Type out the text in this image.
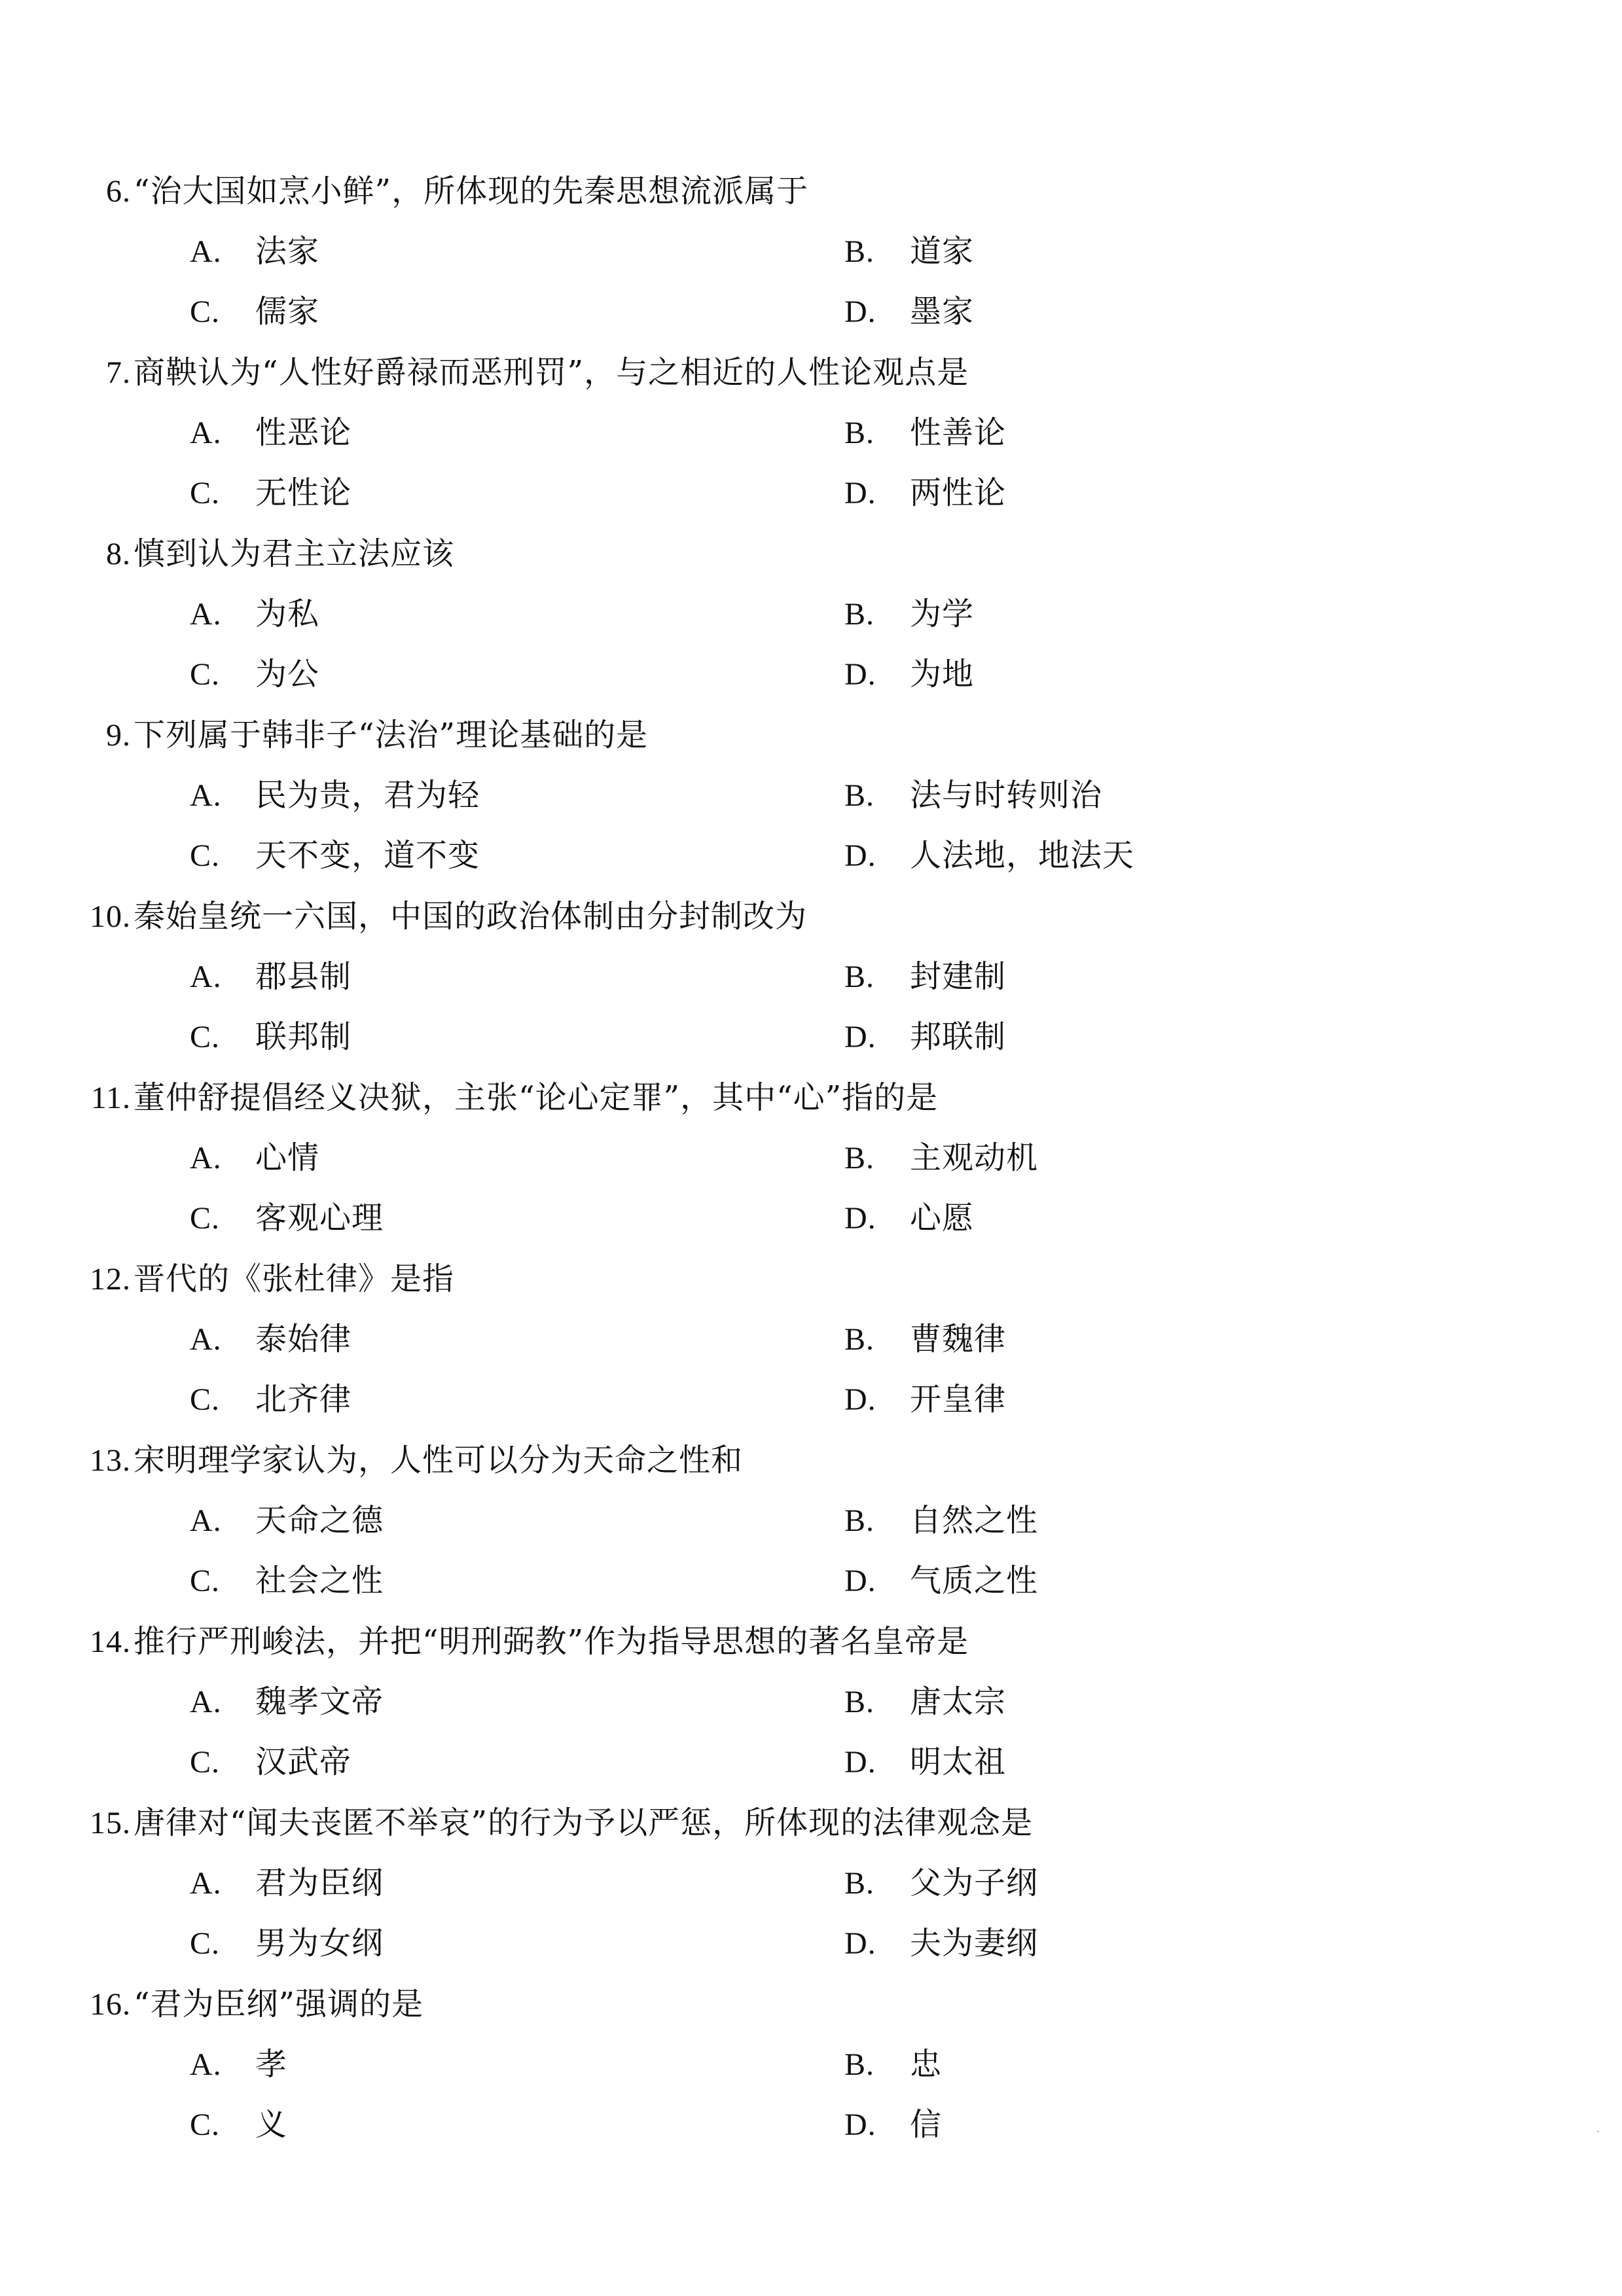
6.“治大国如烹小鲜”，所体现的先秦思想流派属于
A. 法家	B. 道家
C. 儒家	D. 墨家
7.商鞅认为“人性好爵禄而恶刑罚”，与之相近的人性论观点是
A. 性恶论	B. 性善论
C. 无性论	D. 两性论
8.慎到认为君主立法应该
A. 为私	B. 为学
C. 为公	D. 为地
9.下列属于韩非子“法治”理论基础的是
A. 民为贵，君为轻	B. 法与时转则治
C. 天不变，道不变	D. 人法地，地法天
10.秦始皇统一六国，中国的政治体制由分封制改为
A. 郡县制	B. 封建制
C. 联邦制	D. 邦联制
11.董仲舒提倡经义决狱，主张“论心定罪”，其中“心”指的是
A. 心情	B. 主观动机
C. 客观心理	D. 心愿
12.晋代的《张杜律》是指
A. 泰始律	B. 曹魏律
C. 北齐律	D. 开皇律
13.宋明理学家认为，人性可以分为天命之性和
A. 天命之德	B. 自然之性
C. 社会之性	D. 气质之性
14.推行严刑峻法，并把“明刑弼教”作为指导思想的著名皇帝是
A. 魏孝文帝	B. 唐太宗
C. 汉武帝	D. 明太祖
15.唐律对“闻夫丧匿不举哀”的行为予以严惩，所体现的法律观念是
A. 君为臣纲	B. 父为子纲
C. 男为女纲	D. 夫为妻纲
16.“君为臣纲”强调的是
A. 孝	B. 忠
C. 义	D. 信
